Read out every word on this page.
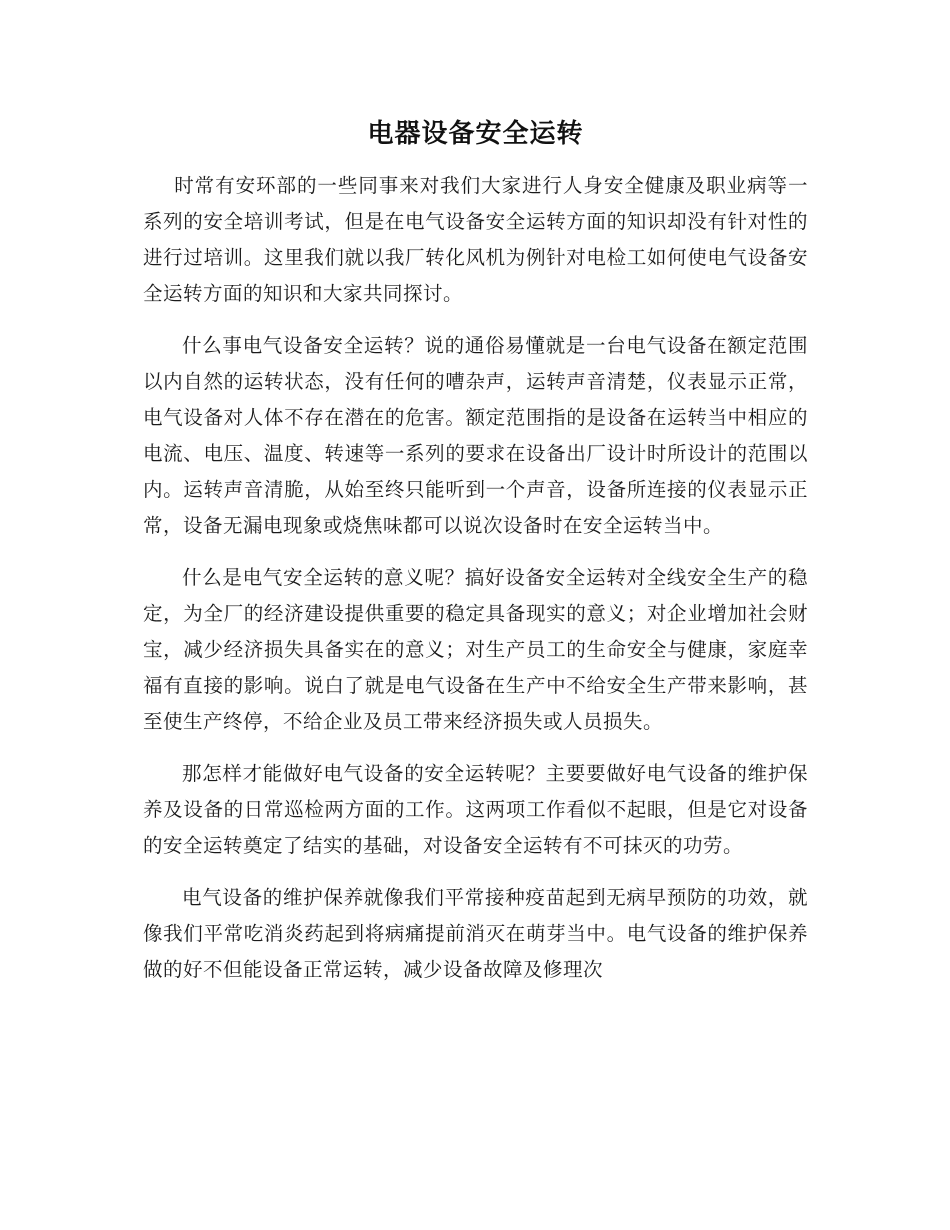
电器设备安全运转

时常有安环部的一些同事来对我们大家进行人身安全健康及职业病等一系列的安全培训考试，但是在电气设备安全运转方面的知识却没有针对性的进行过培训。这里我们就以我厂转化风机为例针对电检工如何使电气设备安全运转方面的知识和大家共同探讨。

什么事电气设备安全运转？说的通俗易懂就是一台电气设备在额定范围以内自然的运转状态，没有任何的嘈杂声，运转声音清楚，仪表显示正常，电气设备对人体不存在潜在的危害。额定范围指的是设备在运转当中相应的电流、电压、温度、转速等一系列的要求在设备出厂设计时所设计的范围以内。运转声音清脆，从始至终只能听到一个声音，设备所连接的仪表显示正常，设备无漏电现象或烧焦味都可以说次设备时在安全运转当中。

什么是电气安全运转的意义呢？搞好设备安全运转对全线安全生产的稳定，为全厂的经济建设提供重要的稳定具备现实的意义；对企业增加社会财宝，减少经济损失具备实在的意义；对生产员工的生命安全与健康，家庭幸福有直接的影响。说白了就是电气设备在生产中不给安全生产带来影响，甚至使生产终停，不给企业及员工带来经济损失或人员损失。

那怎样才能做好电气设备的安全运转呢？主要要做好电气设备的维护保养及设备的日常巡检两方面的工作。这两项工作看似不起眼，但是它对设备的安全运转奠定了结实的基础，对设备安全运转有不可抹灭的功劳。

电气设备的维护保养就像我们平常接种疫苗起到无病早预防的功效，就像我们平常吃消炎药起到将病痛提前消灭在萌芽当中。电气设备的维护保养做的好不但能设备正常运转，减少设备故障及修理次
